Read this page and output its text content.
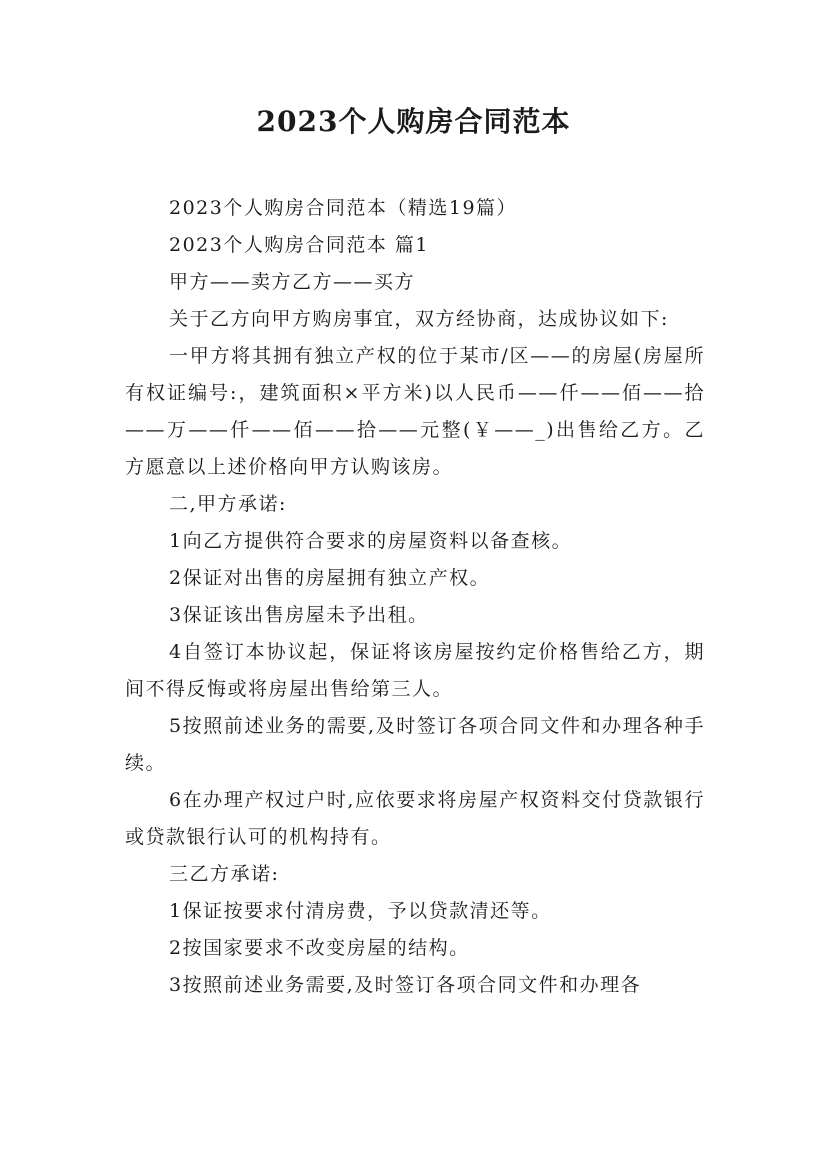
2023个人购房合同范本

2023个人购房合同范本（精选19篇）

2023个人购房合同范本 篇1

甲方——卖方乙方——买方

关于乙方向甲方购房事宜，双方经协商，达成协议如下:

一甲方将其拥有独立产权的位于某市/区——的房屋(房屋所有权证编号:，建筑面积×平方米)以人民币——仟——佰——拾——万——仟——佰——拾——元整(￥——_)出售给乙方。乙方愿意以上述价格向甲方认购该房。

二,甲方承诺:

1向乙方提供符合要求的房屋资料以备查核。

2保证对出售的房屋拥有独立产权。

3保证该出售房屋未予出租。

4自签订本协议起，保证将该房屋按约定价格售给乙方，期间不得反悔或将房屋出售给第三人。

5按照前述业务的需要,及时签订各项合同文件和办理各种手续。

6在办理产权过户时,应依要求将房屋产权资料交付贷款银行或贷款银行认可的机构持有。

三乙方承诺:

1保证按要求付清房费，予以贷款清还等。

2按国家要求不改变房屋的结构。

3按照前述业务需要,及时签订各项合同文件和办理各
